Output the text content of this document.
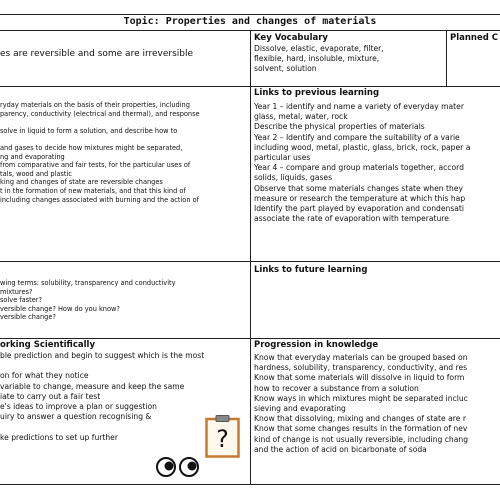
Topic: Properties and changes of materials
es are reversible and some are irreversible
Key Vocabulary
Dissolve, elastic, evaporate, filter,
flexible, hard, insoluble, mixture,
solvent, solution
Planned C
ryday materials on the basis of their properties, including
parency, conductivity (electrical and thermal), and response

solve in liquid to form a solution, and describe how to

and gases to decide how mixtures might be separated,
ng and evaporating
from comparative and fair tests, for the particular uses of
tals, wood and plastic
king and changes of state are reversible changes
t in the formation of new materials, and that this kind of
including changes associated with burning and the action of
Links to previous learning
Year 1 – identify and name a variety of everyday mater
glass, metal, water, rock
Describe the physical properties of materials
Year 2 – Identify and compare the suitability of a varie
including wood, metal, plastic, glass, brick, rock, paper a
particular uses
Year 4 – compare and group materials together, accord
solids, liquids, gases
Observe that some materials changes state when they
measure or research the temperature at which this hap
Identify the part played by evaporation and condensati
associate the rate of evaporation with temperature
wing terms: solubility, transparency and conductivity
mixtures?
solve faster?
versible change? How do you know?
versible change?
Links to future learning
orking Scientifically
ble prediction and begin to suggest which is the most

on for what they notice
variable to change, measure and keep the same
iate to carry out a fair test
e's ideas to improve a plan or suggestion
uiry to answer a question recognising &

ke predictions to set up further	?
Progression in knowledge
Know that everyday materials can be grouped based on
hardness, solubility, transparency, conductivity, and res
Know that some materials will dissolve in liquid to form
how to recover a substance from a solution
Know ways in which mixtures might be separated incluc
sieving and evaporating
Know that dissolving, mixing and changes of state are r
Know that some changes results in the formation of nev
kind of change is not usually reversible, including chang
and the action of acid on bicarbonate of soda
